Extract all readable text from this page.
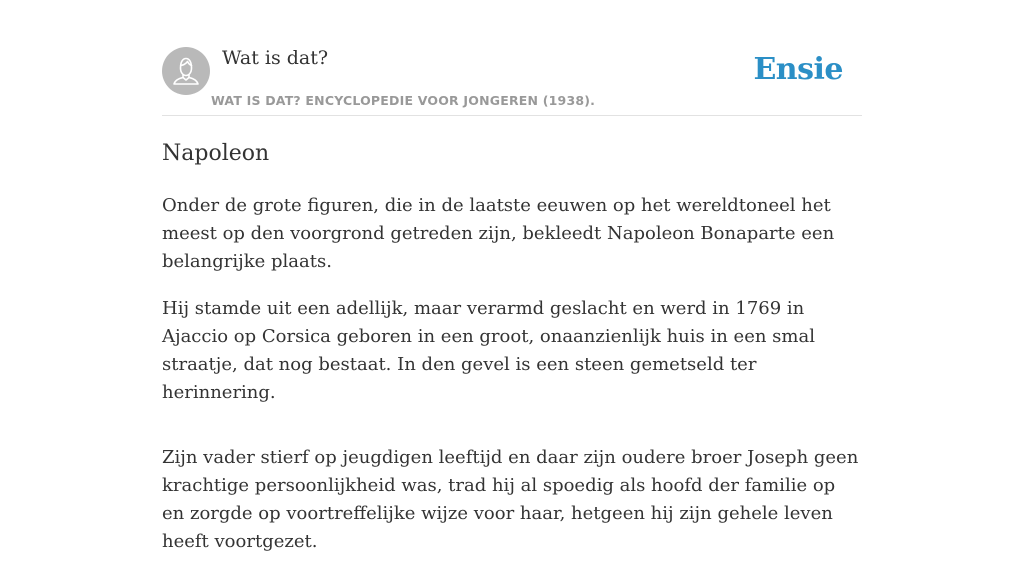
Wat is dat?
WAT IS DAT? ENCYCLOPEDIE VOOR JONGEREN (1938).
Ensie
Napoleon

Onder de grote figuren, die in de laatste eeuwen op het wereldtoneel het meest op den voorgrond getreden zijn, bekleedt Napoleon Bonaparte een belangrijke plaats.

Hij stamde uit een adellijk, maar verarmd geslacht en werd in 1769 in Ajaccio op Corsica geboren in een groot, onaanzienlijk huis in een smal straatje, dat nog bestaat. In den gevel is een steen gemetseld ter herinnering.

Zijn vader stierf op jeugdigen leeftijd en daar zijn oudere broer Joseph geen krachtige persoonlijkheid was, trad hij al spoedig als hoofd der familie op en zorgde op voortreffelijke wijze voor haar, hetgeen hij zijn gehele leven heeft voortgezet.
